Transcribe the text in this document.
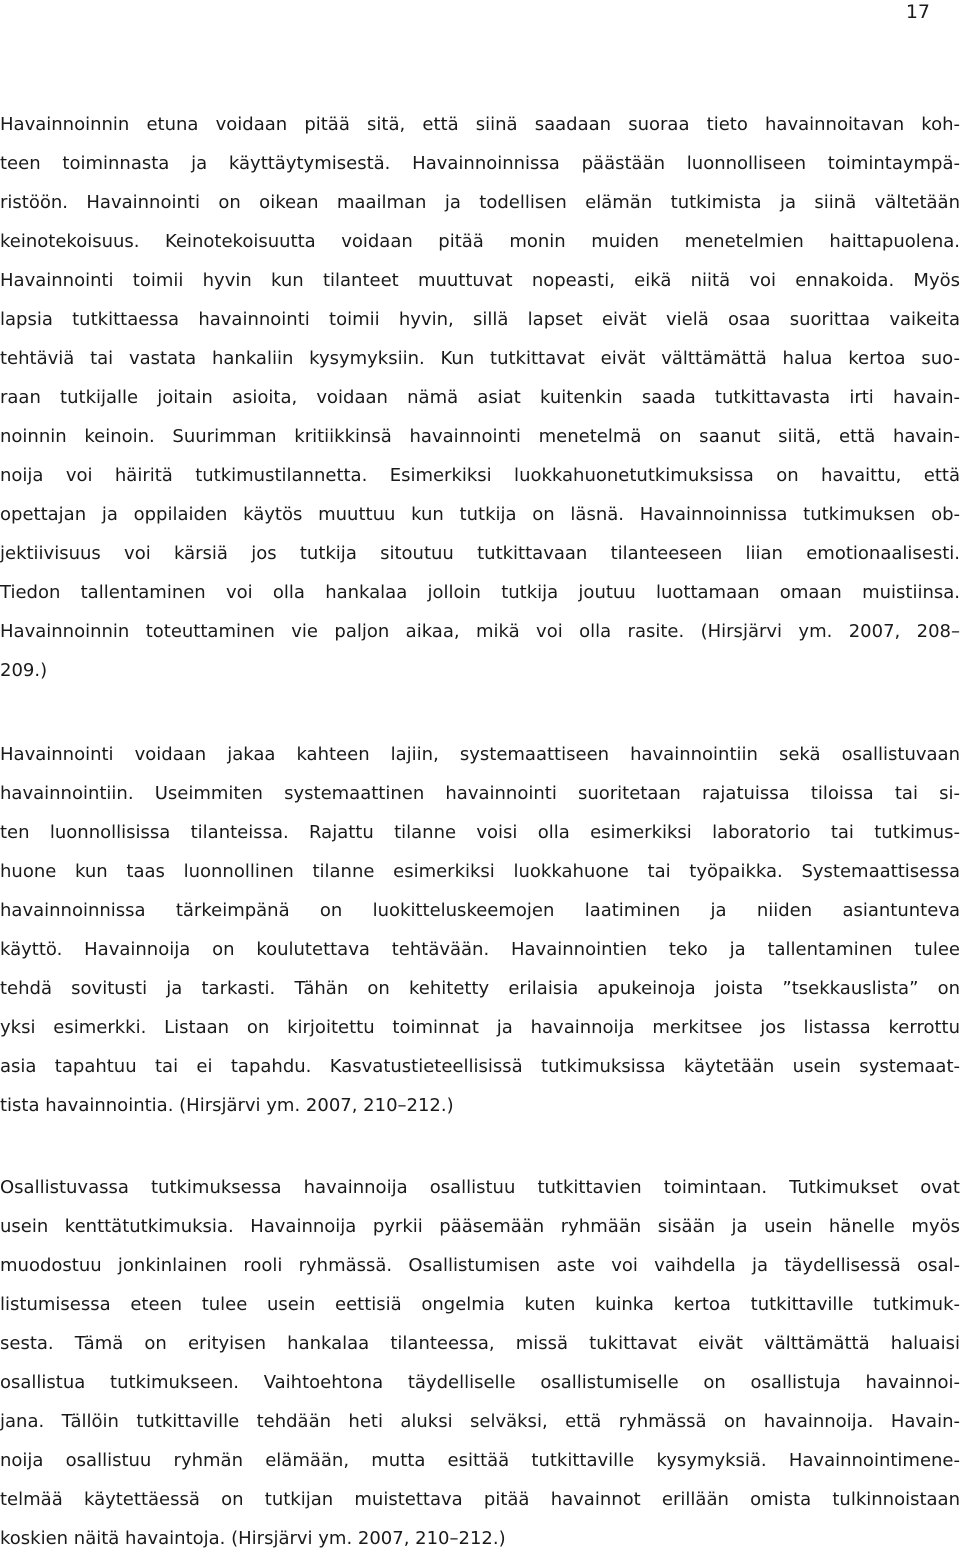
17
Havainnoinnin etuna voidaan pitää sitä, että siinä saadaan suoraa tieto havainnoitavan koh-
teen toiminnasta ja käyttäytymisestä. Havainnoinnissa päästään luonnolliseen toimintaympä-
ristöön. Havainnointi on oikean maailman ja todellisen elämän tutkimista ja siinä vältetään
keinotekoisuus. Keinotekoisuutta voidaan pitää monin muiden menetelmien haittapuolena.
Havainnointi toimii hyvin kun tilanteet muuttuvat nopeasti, eikä niitä voi ennakoida. Myös
lapsia tutkittaessa havainnointi toimii hyvin, sillä lapset eivät vielä osaa suorittaa vaikeita
tehtäviä tai vastata hankaliin kysymyksiin. Kun tutkittavat eivät välttämättä halua kertoa suo-
raan tutkijalle joitain asioita, voidaan nämä asiat kuitenkin saada tutkittavasta irti havain-
noinnin keinoin. Suurimman kritiikkinsä havainnointi menetelmä on saanut siitä, että havain-
noija voi häiritä tutkimustilannetta. Esimerkiksi luokkahuonetutkimuksissa on havaittu, että
opettajan ja oppilaiden käytös muuttuu kun tutkija on läsnä. Havainnoinnissa tutkimuksen ob-
jektiivisuus voi kärsiä jos tutkija sitoutuu tutkittavaan tilanteeseen liian emotionaalisesti.
Tiedon tallentaminen voi olla hankalaa jolloin tutkija joutuu luottamaan omaan muistiinsa.
Havainnoinnin toteuttaminen vie paljon aikaa, mikä voi olla rasite. (Hirsjärvi ym. 2007, 208–
209.)
Havainnointi voidaan jakaa kahteen lajiin, systemaattiseen havainnointiin sekä osallistuvaan
havainnointiin. Useimmiten systemaattinen havainnointi suoritetaan rajatuissa tiloissa tai si-
ten luonnollisissa tilanteissa. Rajattu tilanne voisi olla esimerkiksi laboratorio tai tutkimus-
huone kun taas luonnollinen tilanne esimerkiksi luokkahuone tai työpaikka. Systemaattisessa
havainnoinnissa tärkeimpänä on luokitteluskeemojen laatiminen ja niiden asiantunteva
käyttö. Havainnoija on koulutettava tehtävään. Havainnointien teko ja tallentaminen tulee
tehdä sovitusti ja tarkasti. Tähän on kehitetty erilaisia apukeinoja joista ”tsekkauslista” on
yksi esimerkki. Listaan on kirjoitettu toiminnat ja havainnoija merkitsee jos listassa kerrottu
asia tapahtuu tai ei tapahdu. Kasvatustieteellisissä tutkimuksissa käytetään usein systemaat-
tista havainnointia. (Hirsjärvi ym. 2007, 210–212.)
Osallistuvassa tutkimuksessa havainnoija osallistuu tutkittavien toimintaan. Tutkimukset ovat
usein kenttätutkimuksia. Havainnoija pyrkii pääsemään ryhmään sisään ja usein hänelle myös
muodostuu jonkinlainen rooli ryhmässä. Osallistumisen aste voi vaihdella ja täydellisessä osal-
listumisessa eteen tulee usein eettisiä ongelmia kuten kuinka kertoa tutkittaville tutkimuk-
sesta. Tämä on erityisen hankalaa tilanteessa, missä tukittavat eivät välttämättä haluaisi
osallistua tutkimukseen. Vaihtoehtona täydelliselle osallistumiselle on osallistuja havainnoi-
jana. Tällöin tutkittaville tehdään heti aluksi selväksi, että ryhmässä on havainnoija. Havain-
noija osallistuu ryhmän elämään, mutta esittää tutkittaville kysymyksiä. Havainnointimene-
telmää käytettäessä on tutkijan muistettava pitää havainnot erillään omista tulkinnoistaan
koskien näitä havaintoja. (Hirsjärvi ym. 2007, 210–212.)
